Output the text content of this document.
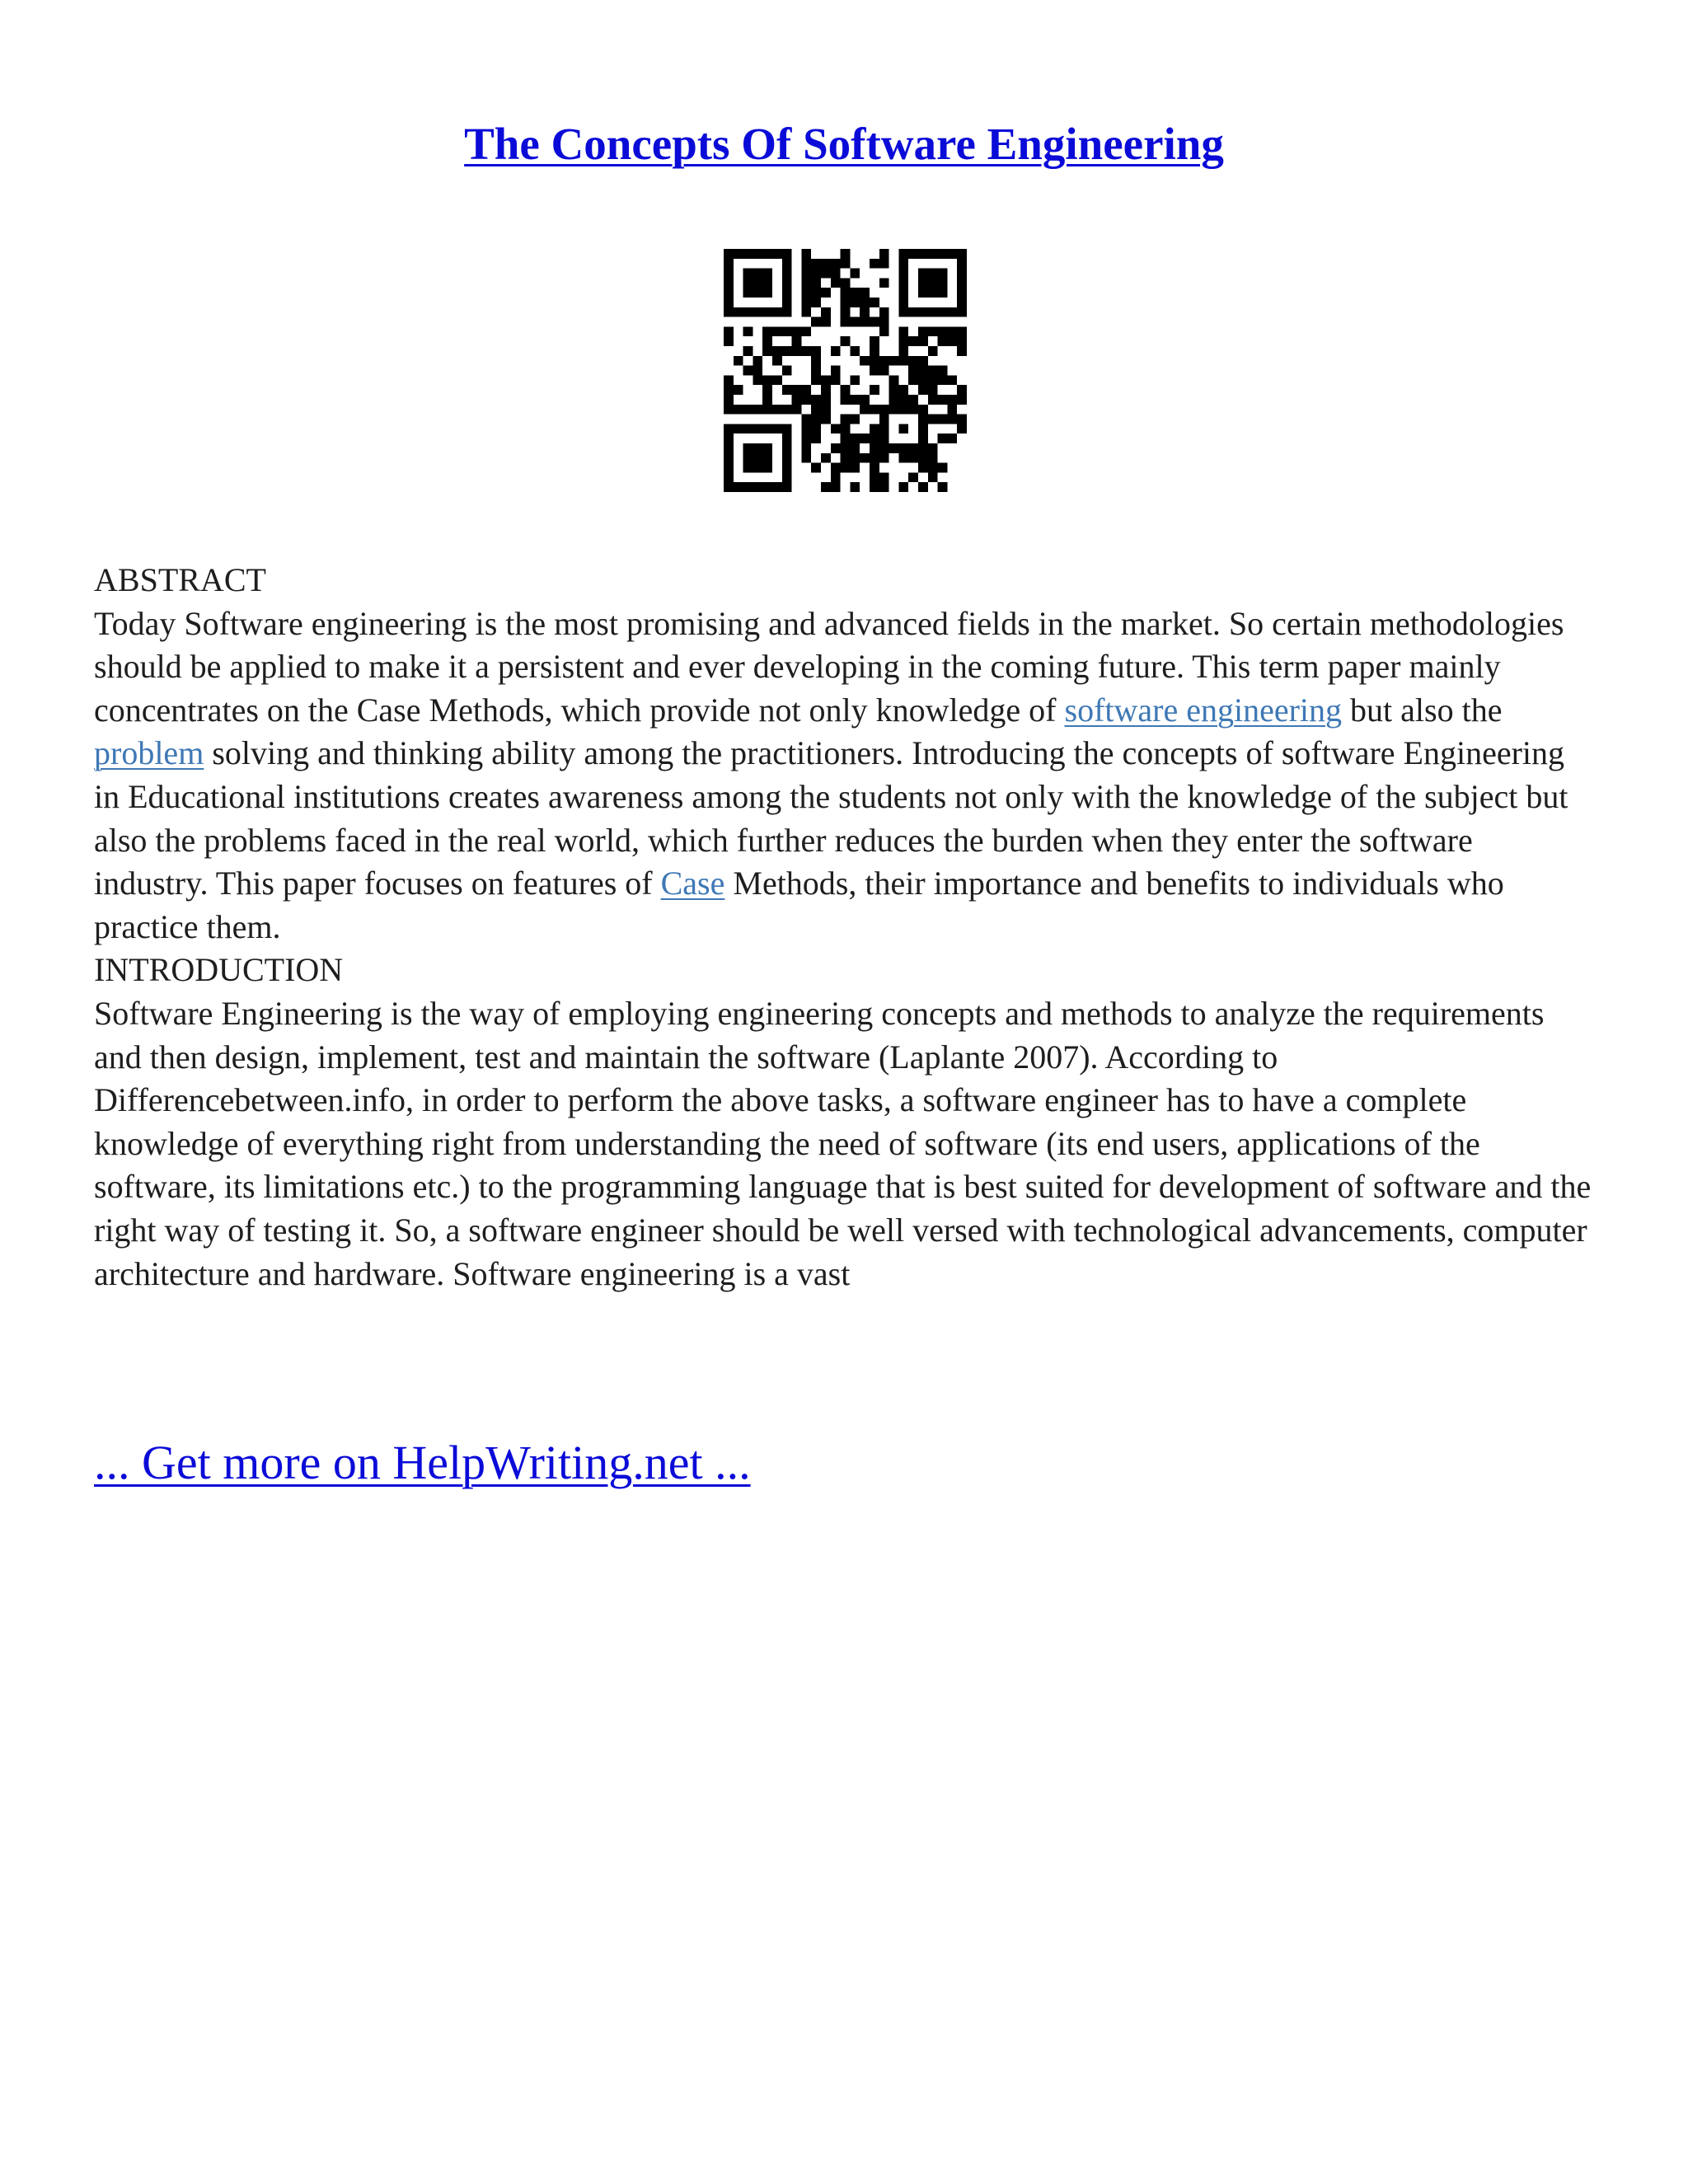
The Concepts Of Software Engineering

ABSTRACT

Today Software engineering is the most promising and advanced fields in the market. So certain methodologies should be applied to make it a persistent and ever developing in the coming future. This term paper mainly concentrates on the Case Methods, which provide not only knowledge of software engineering but also the problem solving and thinking ability among the practitioners. Introducing the concepts of software Engineering in Educational institutions creates awareness among the students not only with the knowledge of the subject but also the problems faced in the real world, which further reduces the burden when they enter the software industry. This paper focuses on features of Case Methods, their importance and benefits to individuals who practice them.

INTRODUCTION

Software Engineering is the way of employing engineering concepts and methods to analyze the requirements and then design, implement, test and maintain the software (Laplante 2007). According to Differencebetween.info, in order to perform the above tasks, a software engineer has to have a complete knowledge of everything right from understanding the need of software (its end users, applications of the software, its limitations etc.) to the programming language that is best suited for development of software and the right way of testing it. So, a software engineer should be well versed with technological advancements, computer architecture and hardware. Software engineering is a vast

... Get more on HelpWriting.net ...
